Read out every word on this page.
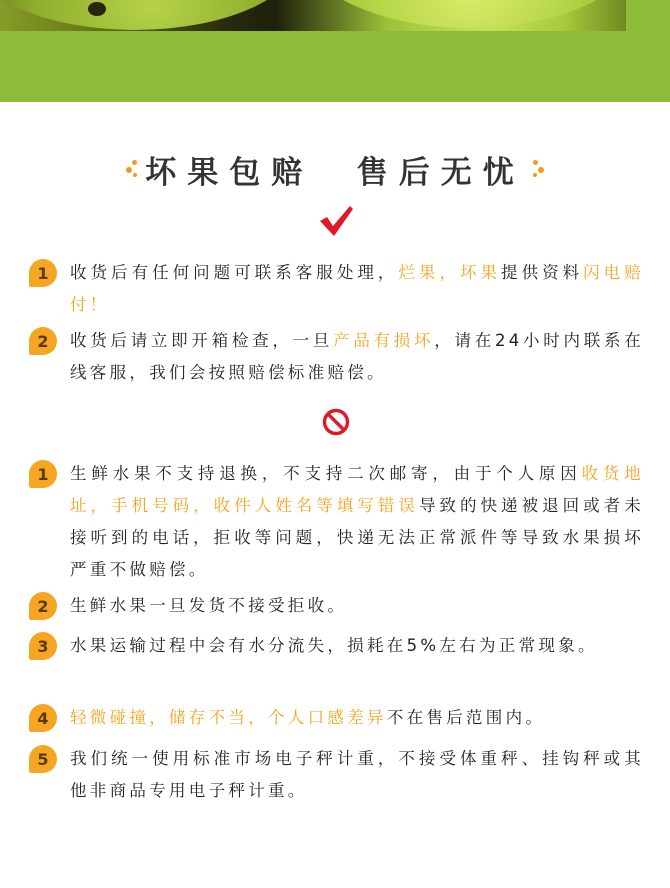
坏果包赔
售后无忧
1	收货后有任何问题可联系客服处理，烂果，坏果提供资料闪电赔付！

2	收货后请立即开箱检查，一旦产品有损坏，请在24小时内联系在线客服，我们会按照赔偿标准赔偿。

1	生鲜水果不支持退换，不支持二次邮寄，由于个人原因收货地址，手机号码，收件人姓名等填写错误导致的快递被退回或者未接听到的电话，拒收等问题，快递无法正常派件等导致水果损坏严重不做赔偿。

2	生鲜水果一旦发货不接受拒收。

3	水果运输过程中会有水分流失，损耗在5%左右为正常现象。

4	轻微碰撞，储存不当，个人口感差异不在售后范围内。

5	我们统一使用标准市场电子秤计重，不接受体重秤、挂钩秤或其他非商品专用电子秤计重。
